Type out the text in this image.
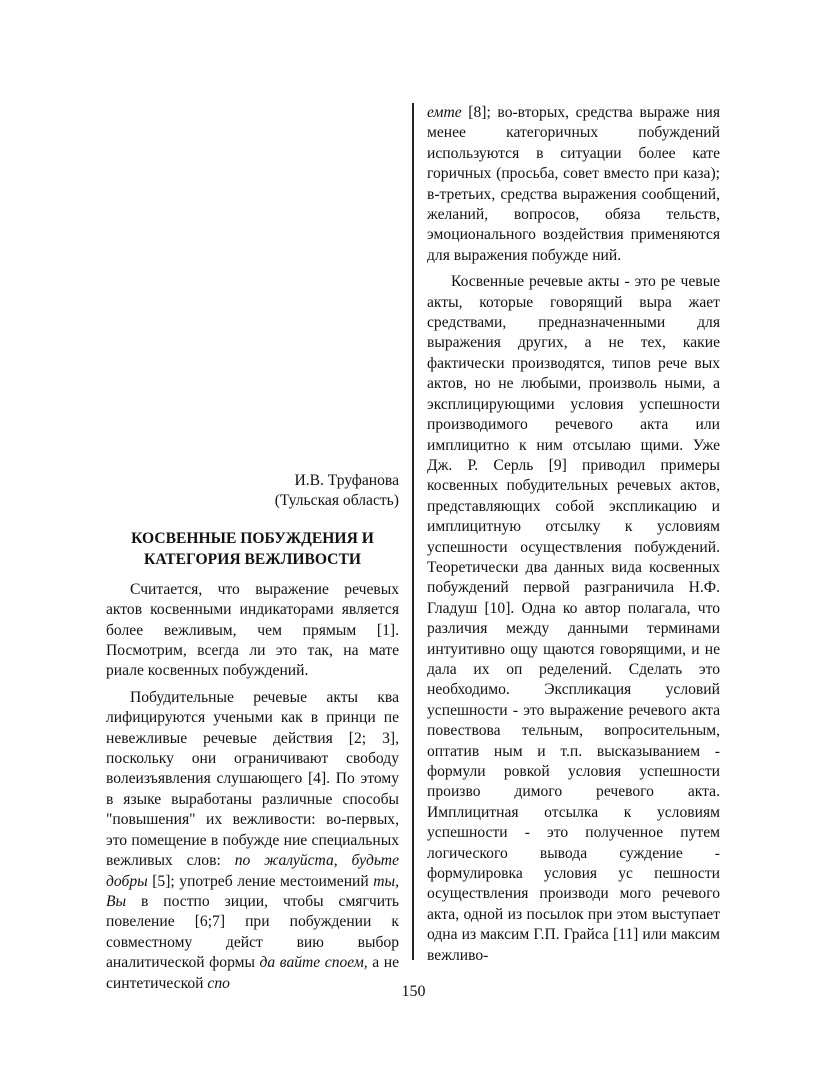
И.В. Труфанова

(Тульская область)

КОСВЕННЫЕ ПОБУЖДЕНИЯ И
КАТЕГОРИЯ ВЕЖЛИВОСТИ

Считается, что выражение речевых актов косвенными индикаторами является более вежливым, чем прямым [1]. Посмотрим, всегда ли это так, на мате риале косвенных побуждений.

Побудительные речевые акты ква лифицируются учеными как в принци пе невежливые речевые действия [2; 3], поскольку они ограничивают свободу волеизъявления слушающего [4]. По этому в языке выработаны различные способы "повышения" их вежливости: во-первых, это помещение в побужде ние специальных вежливых слов: по жалуйста, будьте добры [5]; употреб ление местоимений ты, Вы в постпо зиции, чтобы смягчить повеление [6;7] при побуждении к совместному дейст вию выбор аналитической формы да вайте споем, а не синтетической спо

емте [8]; во-вторых, средства выраже ния менее категоричных побуждений используются в ситуации более кате горичных (просьба, совет вместо при каза); в-третьих, средства выражения сообщений, желаний, вопросов, обяза тельств, эмоционального воздействия применяются для выражения побужде ний.

Косвенные речевые акты - это ре чевые акты, которые говорящий выра жает средствами, предназначенными для выражения других, а не тех, какие фактически производятся, типов рече вых актов, но не любыми, произволь ными, а эксплицирующими условия успешности производимого речевого акта или имплицитно к ним отсылаю щими. Уже Дж. Р. Серль [9] приводил примеры косвенных побудительных речевых актов, представляющих собой экспликацию и имплицитную отсылку к условиям успешности осуществления побуждений. Теоретически два данных вида косвенных побуждений первой разграничила Н.Ф. Гладуш [10]. Одна ко автор полагала, что различия между данными терминами интуитивно ощу щаются говорящими, и не дала их оп ределений. Сделать это необходимо. Экспликация условий успешности - это выражение речевого акта повествова тельным, вопросительным, оптатив ным и т.п. высказыванием - формули ровкой условия успешности произво димого речевого акта. Имплицитная отсылка к условиям успешности - это полученное путем логического вывода суждение - формулировка условия ус пешности осуществления производи мого речевого акта, одной из посылок при этом выступает одна из максим Г.П. Грайса [11] или максим вежливо-

150
